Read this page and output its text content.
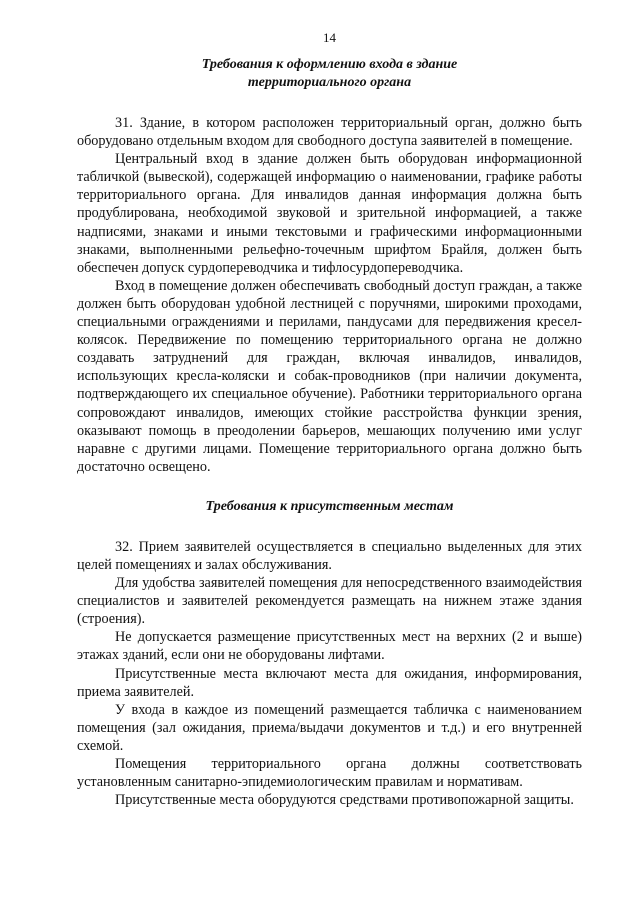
14
Требования к оформлению входа в здание
территориального органа

31. Здание, в котором расположен территориальный орган, должно быть оборудовано отдельным входом для свободного доступа заявителей в помещение.

Центральный вход в здание должен быть оборудован информационной табличкой (вывеской), содержащей информацию о наименовании, графике работы территориального органа. Для инвалидов данная информация должна быть продублирована, необходимой звуковой и зрительной информацией, а также надписями, знаками и иными текстовыми и графическими информационными знаками, выполненными рельефно-точечным шрифтом Брайля, должен быть обеспечен допуск сурдопереводчика и тифлосурдопереводчика.

Вход в помещение должен обеспечивать свободный доступ граждан, а также должен быть оборудован удобной лестницей с поручнями, широкими проходами, специальными ограждениями и перилами, пандусами для передвижения кресел-колясок. Передвижение по помещению территориального органа не должно создавать затруднений для граждан, включая инвалидов, инвалидов, использующих кресла-коляски и собак-проводников (при наличии документа, подтверждающего их специальное обучение). Работники территориального органа сопровождают инвалидов, имеющих стойкие расстройства функции зрения, оказывают помощь в преодолении барьеров, мешающих получению ими услуг наравне с другими лицами. Помещение территориального органа должно быть достаточно освещено.

Требования к присутственным местам

32. Прием заявителей осуществляется в специально выделенных для этих целей помещениях и залах обслуживания.

Для удобства заявителей помещения для непосредственного взаимодействия специалистов и заявителей рекомендуется размещать на нижнем этаже здания (строения).

Не допускается размещение присутственных мест на верхних (2 и выше) этажах зданий, если они не оборудованы лифтами.

Присутственные места включают места для ожидания, информирования, приема заявителей.

У входа в каждое из помещений размещается табличка с наименованием помещения (зал ожидания, приема/выдачи документов и т.д.) и его внутренней схемой.

Помещения территориального органа должны соответствовать установленным санитарно-эпидемиологическим правилам и нормативам.

Присутственные места оборудуются средствами противопожарной защиты.
